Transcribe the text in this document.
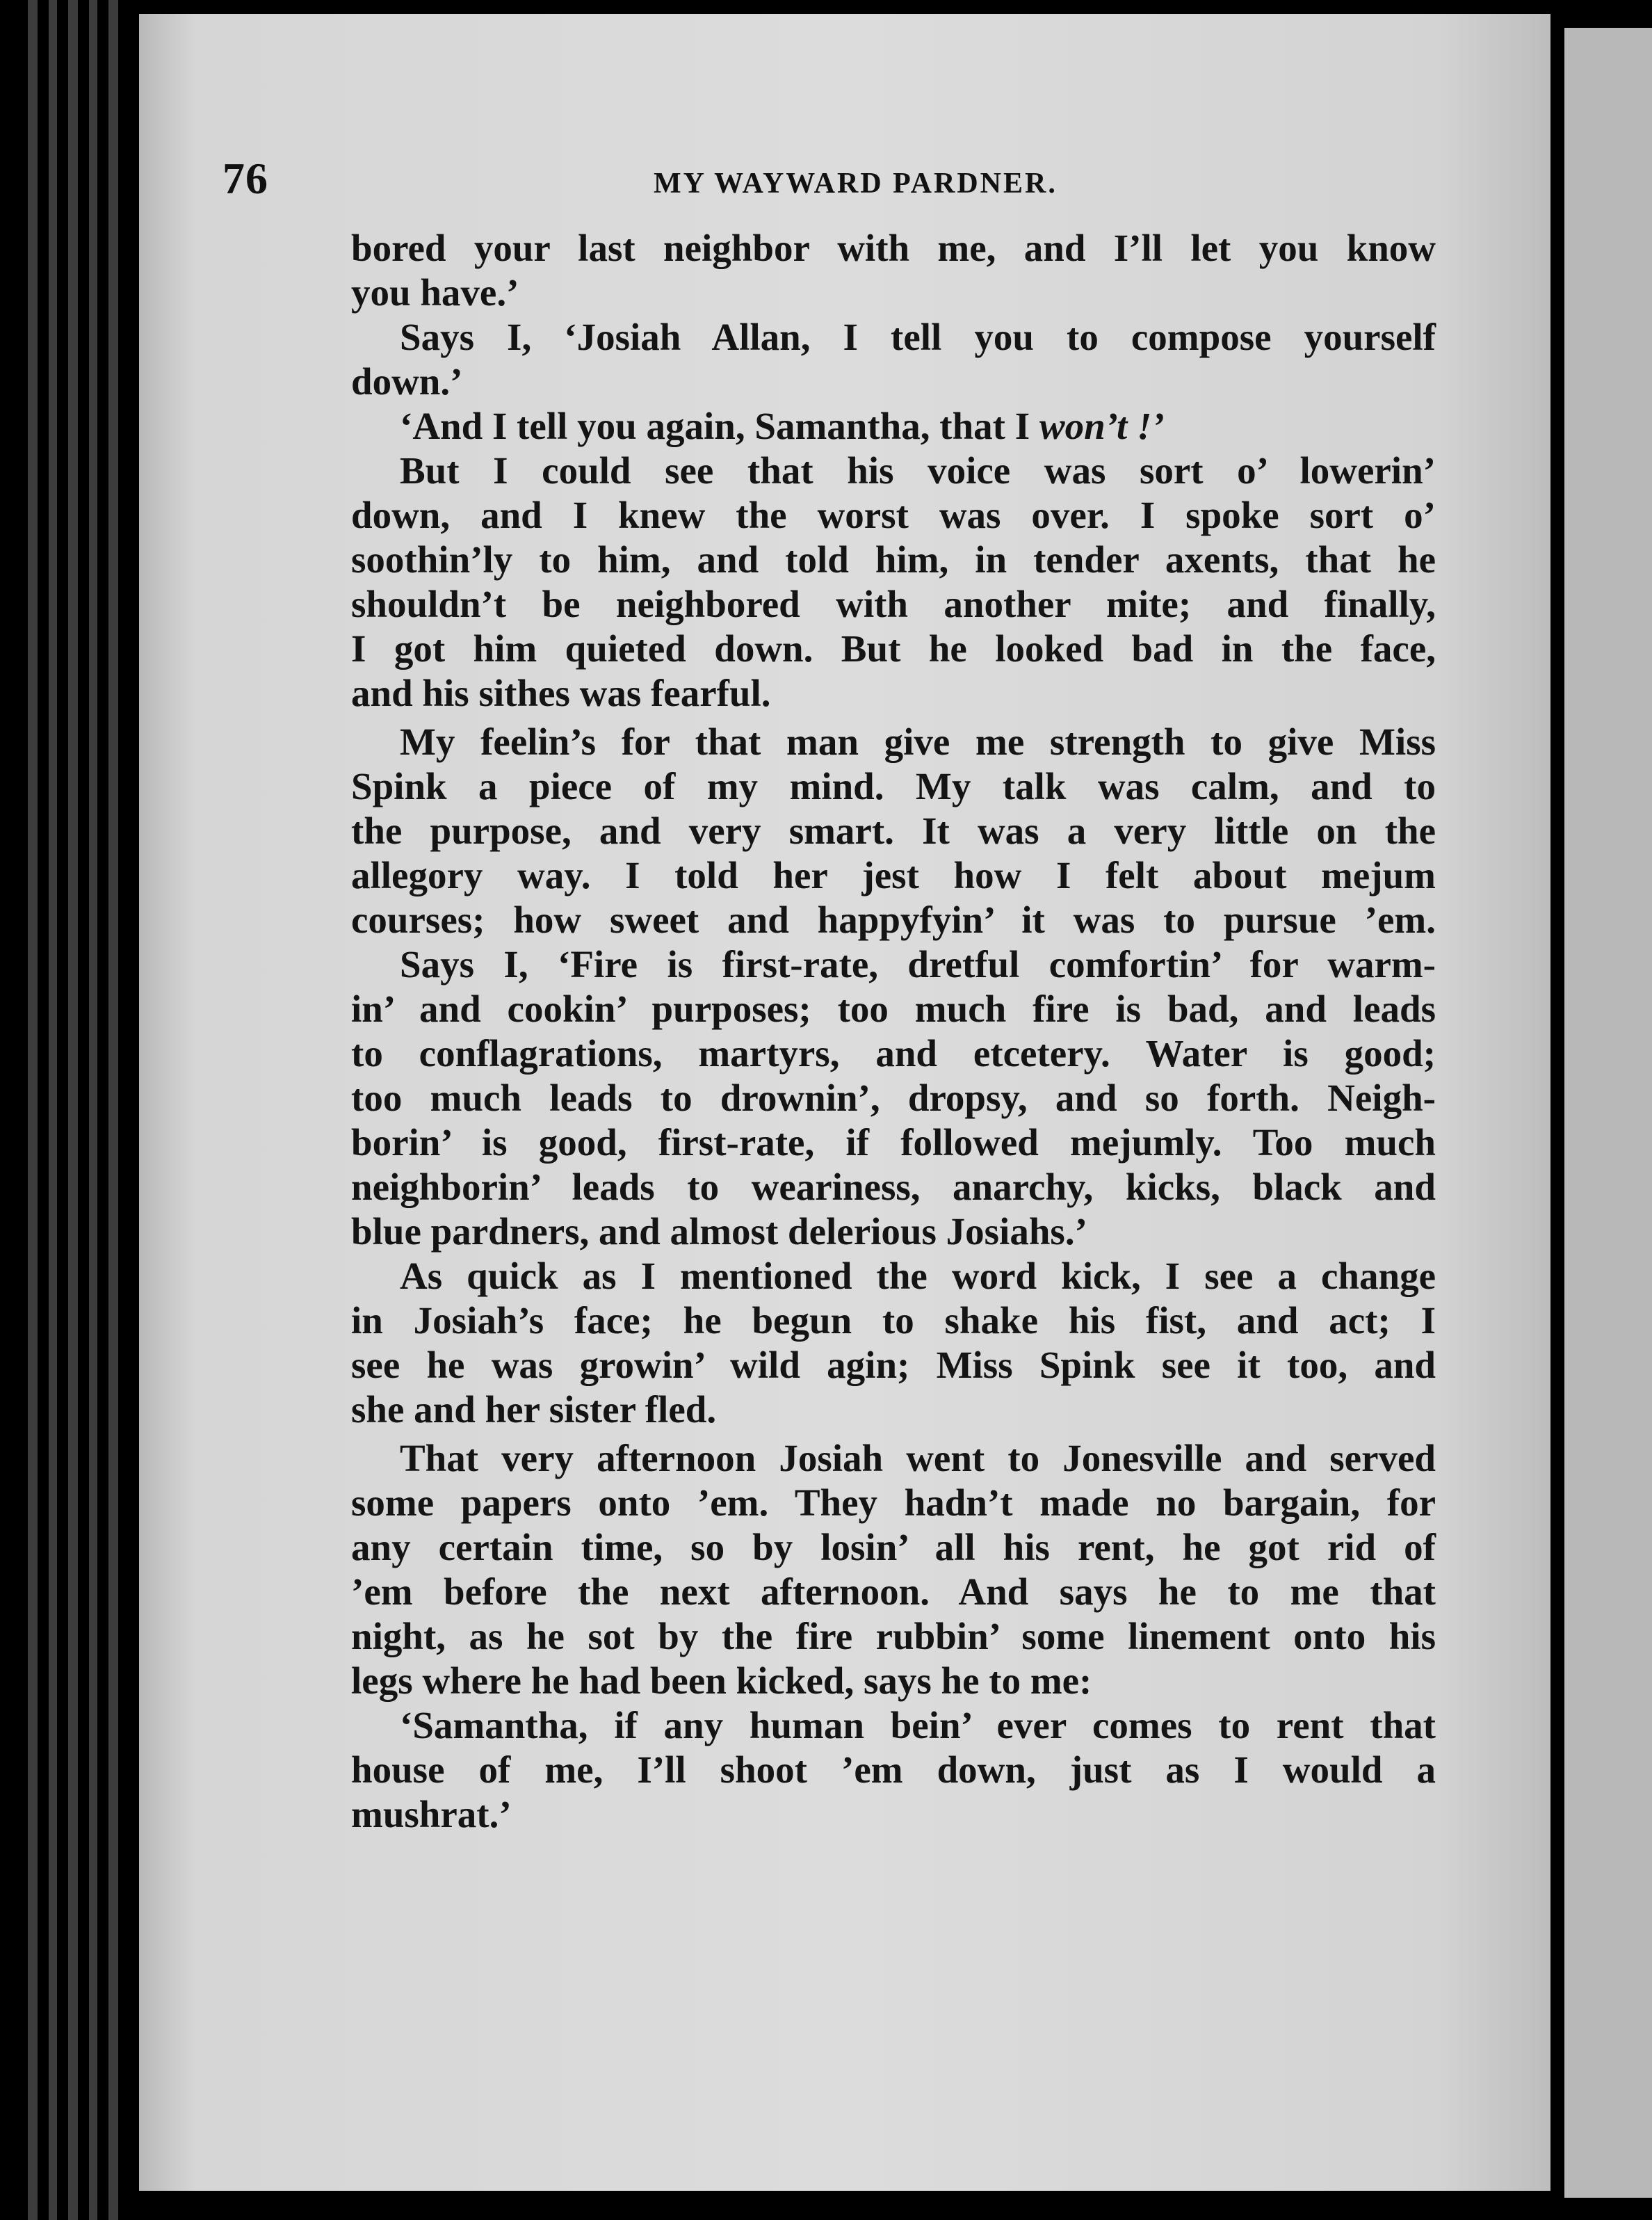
76	MY WAYWARD PARDNER.
bored your last neighbor with me, and I’ll let you know
you have.’
Says I, ‘Josiah Allan, I tell you to compose yourself
down.’
‘And I tell you again, Samantha, that I won’t !’
But I could see that his voice was sort o’ lowerin’
down, and I knew the worst was over. I spoke sort o’
soothin’ly to him, and told him, in tender axents, that he
shouldn’t be neighbored with another mite; and finally,
I got him quieted down. But he looked bad in the face,
and his sithes was fearful.
My feelin’s for that man give me strength to give Miss
Spink a piece of my mind. My talk was calm, and to
the purpose, and very smart. It was a very little on the
allegory way. I told her jest how I felt about mejum
courses; how sweet and happyfyin’ it was to pursue ’em.
Says I, ‘Fire is first-rate, dretful comfortin’ for warm-
in’ and cookin’ purposes; too much fire is bad, and leads
to conflagrations, martyrs, and etcetery. Water is good;
too much leads to drownin’, dropsy, and so forth. Neigh-
borin’ is good, first-rate, if followed mejumly. Too much
neighborin’ leads to weariness, anarchy, kicks, black and
blue pardners, and almost delerious Josiahs.’
As quick as I mentioned the word kick, I see a change
in Josiah’s face; he begun to shake his fist, and act; I
see he was growin’ wild agin; Miss Spink see it too, and
she and her sister fled.
That very afternoon Josiah went to Jonesville and served
some papers onto ’em. They hadn’t made no bargain, for
any certain time, so by losin’ all his rent, he got rid of
’em before the next afternoon. And says he to me that
night, as he sot by the fire rubbin’ some linement onto his
legs where he had been kicked, says he to me:
‘Samantha, if any human bein’ ever comes to rent that
house of me, I’ll shoot ’em down, just as I would a
mushrat.’
